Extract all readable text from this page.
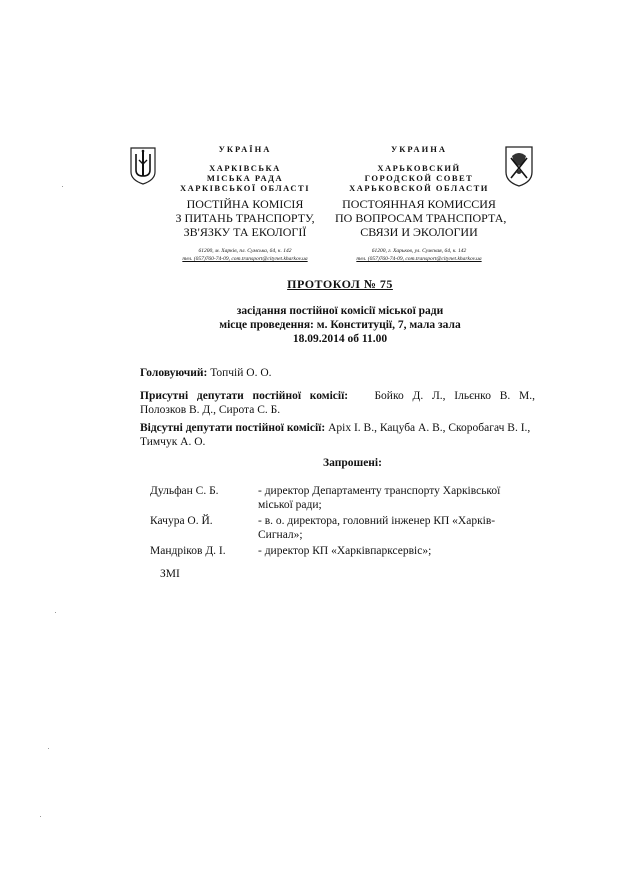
УКРАЇНА
ХАРКІВСЬКА
МІСЬКА РАДА
ХАРКІВСЬКОЇ ОБЛАСТІ
ПОСТІЙНА КОМІСІЯ
З ПИТАНЬ ТРАНСПОРТУ,
ЗВ'ЯЗКУ ТА ЕКОЛОГІЇ
61200, м. Харків, пл. Сумська, 64, к. 142
тел. (057)760-74-09, com.transport@citynet.kharkov.ua
УКРАИНА
ХАРЬКОВСКИЙ
ГОРОДСКОЙ СОВЕТ
ХАРЬКОВСКОЙ ОБЛАСТИ
ПОСТОЯННАЯ КОМИССИЯ
ПО ВОПРОСАМ ТРАНСПОРТА,
СВЯЗИ И ЭКОЛОГИИ
61200, г. Харьков, ул. Сумская, 64, к. 142
тел. (057)760-74-09, com.transport@citynet.kharkov.ua
ПРОТОКОЛ № 75
засідання постійної комісії міської ради
місце проведення: м. Конституції, 7, мала зала
18.09.2014 об 11.00
Головуючий: Топчій О. О.
Присутні депутати постійної комісії: Бойко Д. Л., Ільєнко В. М.,
Полозков В. Д., Сирота С. Б.
Відсутні депутати постійної комісії: Аріх І. В., Кацуба А. В., Скоробагач В. І.,
Тимчук А. О.
Запрошені:
Дульфан С. Б.	- директор Департаменту транспорту Харківської міської ради;
Качура О. Й.	- в. о. директора, головний інженер КП «Харків-Сигнал»;
Мандріков Д. І.	- директор КП «Харківпарксервіс»;
ЗМІ
